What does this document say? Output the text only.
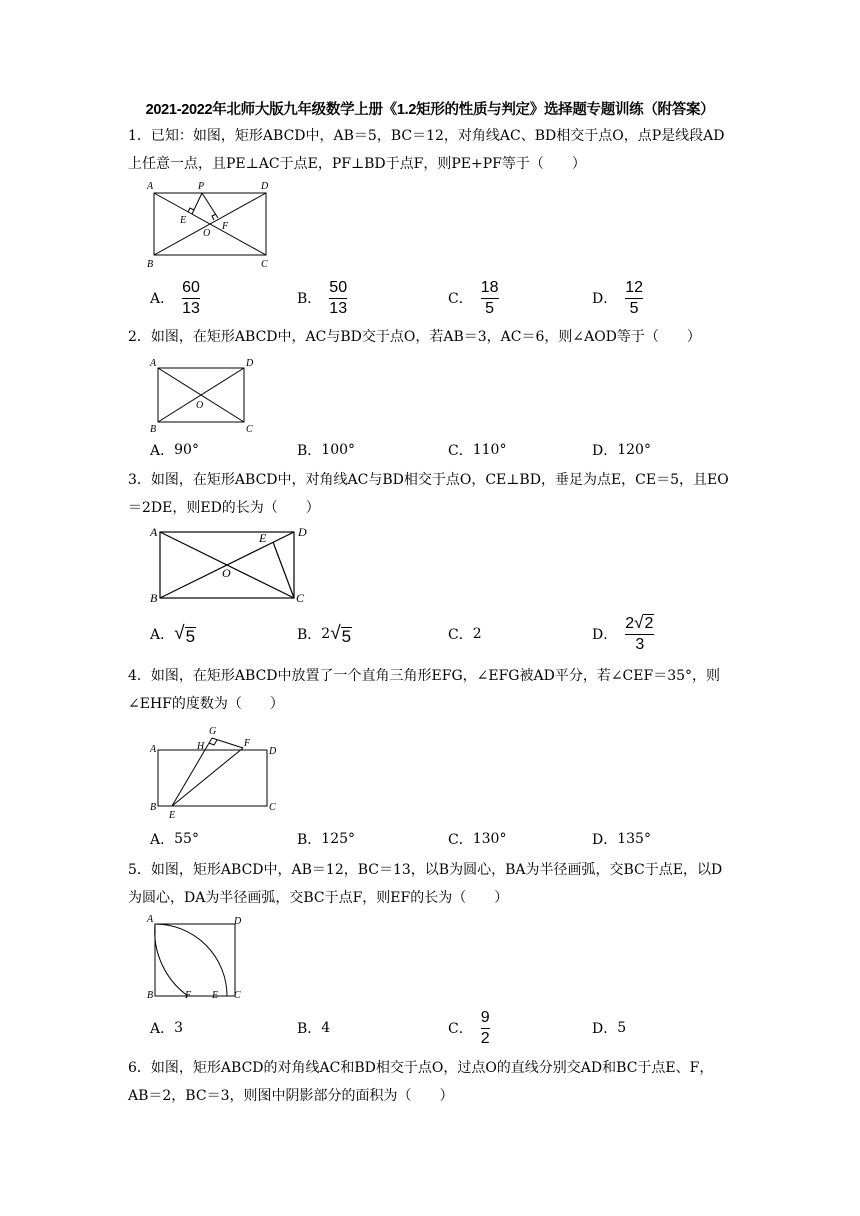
2021-2022年北师大版九年级数学上册《1.2矩形的性质与判定》选择题专题训练（附答案）
1．已知：如图，矩形ABCD中，AB＝5，BC＝12，对角线AC、BD相交于点O，点P是线段AD上任意一点，且PE⊥AC于点E，PF⊥BD于点F，则PE+PF等于（　　）
A	P	D
E
O
F
B	C
A． $\frac{60}{13}$	B． $\frac{50}{13}$	C． $\frac{18}{5}$	D． $\frac{12}{5}$
2．如图，在矩形ABCD中，AC与BD交于点O，若AB＝3，AC＝6，则∠AOD等于（　　）
A	D
O
B	C
A． 90°	B． 100°	C． 110°	D． 120°
3．如图，在矩形ABCD中，对角线AC与BD相交于点O，CE⊥BD，垂足为点E，CE＝5，且EO＝2DE，则ED的长为（　　）
A	E	D
O
B	C
A． √ 5	B． 2 √ 5	C． 2	D． $\frac{2 √ 2}{3}$
4．如图，在矩形ABCD中放置了一个直角三角形EFG，∠EFG被AD平分，若∠CEF＝35°，则∠EHF的度数为（　　）
G
H	F
A	D
B
E
C
A． 55°	B． 125°	C． 130°	D． 135°
5．如图，矩形ABCD中，AB＝12，BC＝13，以B为圆心，BA为半径画弧，交BC于点E，以D为圆心，DA为半径画弧，交BC于点F，则EF的长为（　　）
A	D
B	F E C
A． 3	B． 4	C． $\frac{9}{2}$	D． 5
6．如图，矩形ABCD的对角线AC和BD相交于点O，过点O的直线分别交AD和BC于点E、F，AB＝2，BC＝3，则图中阴影部分的面积为（　　）
